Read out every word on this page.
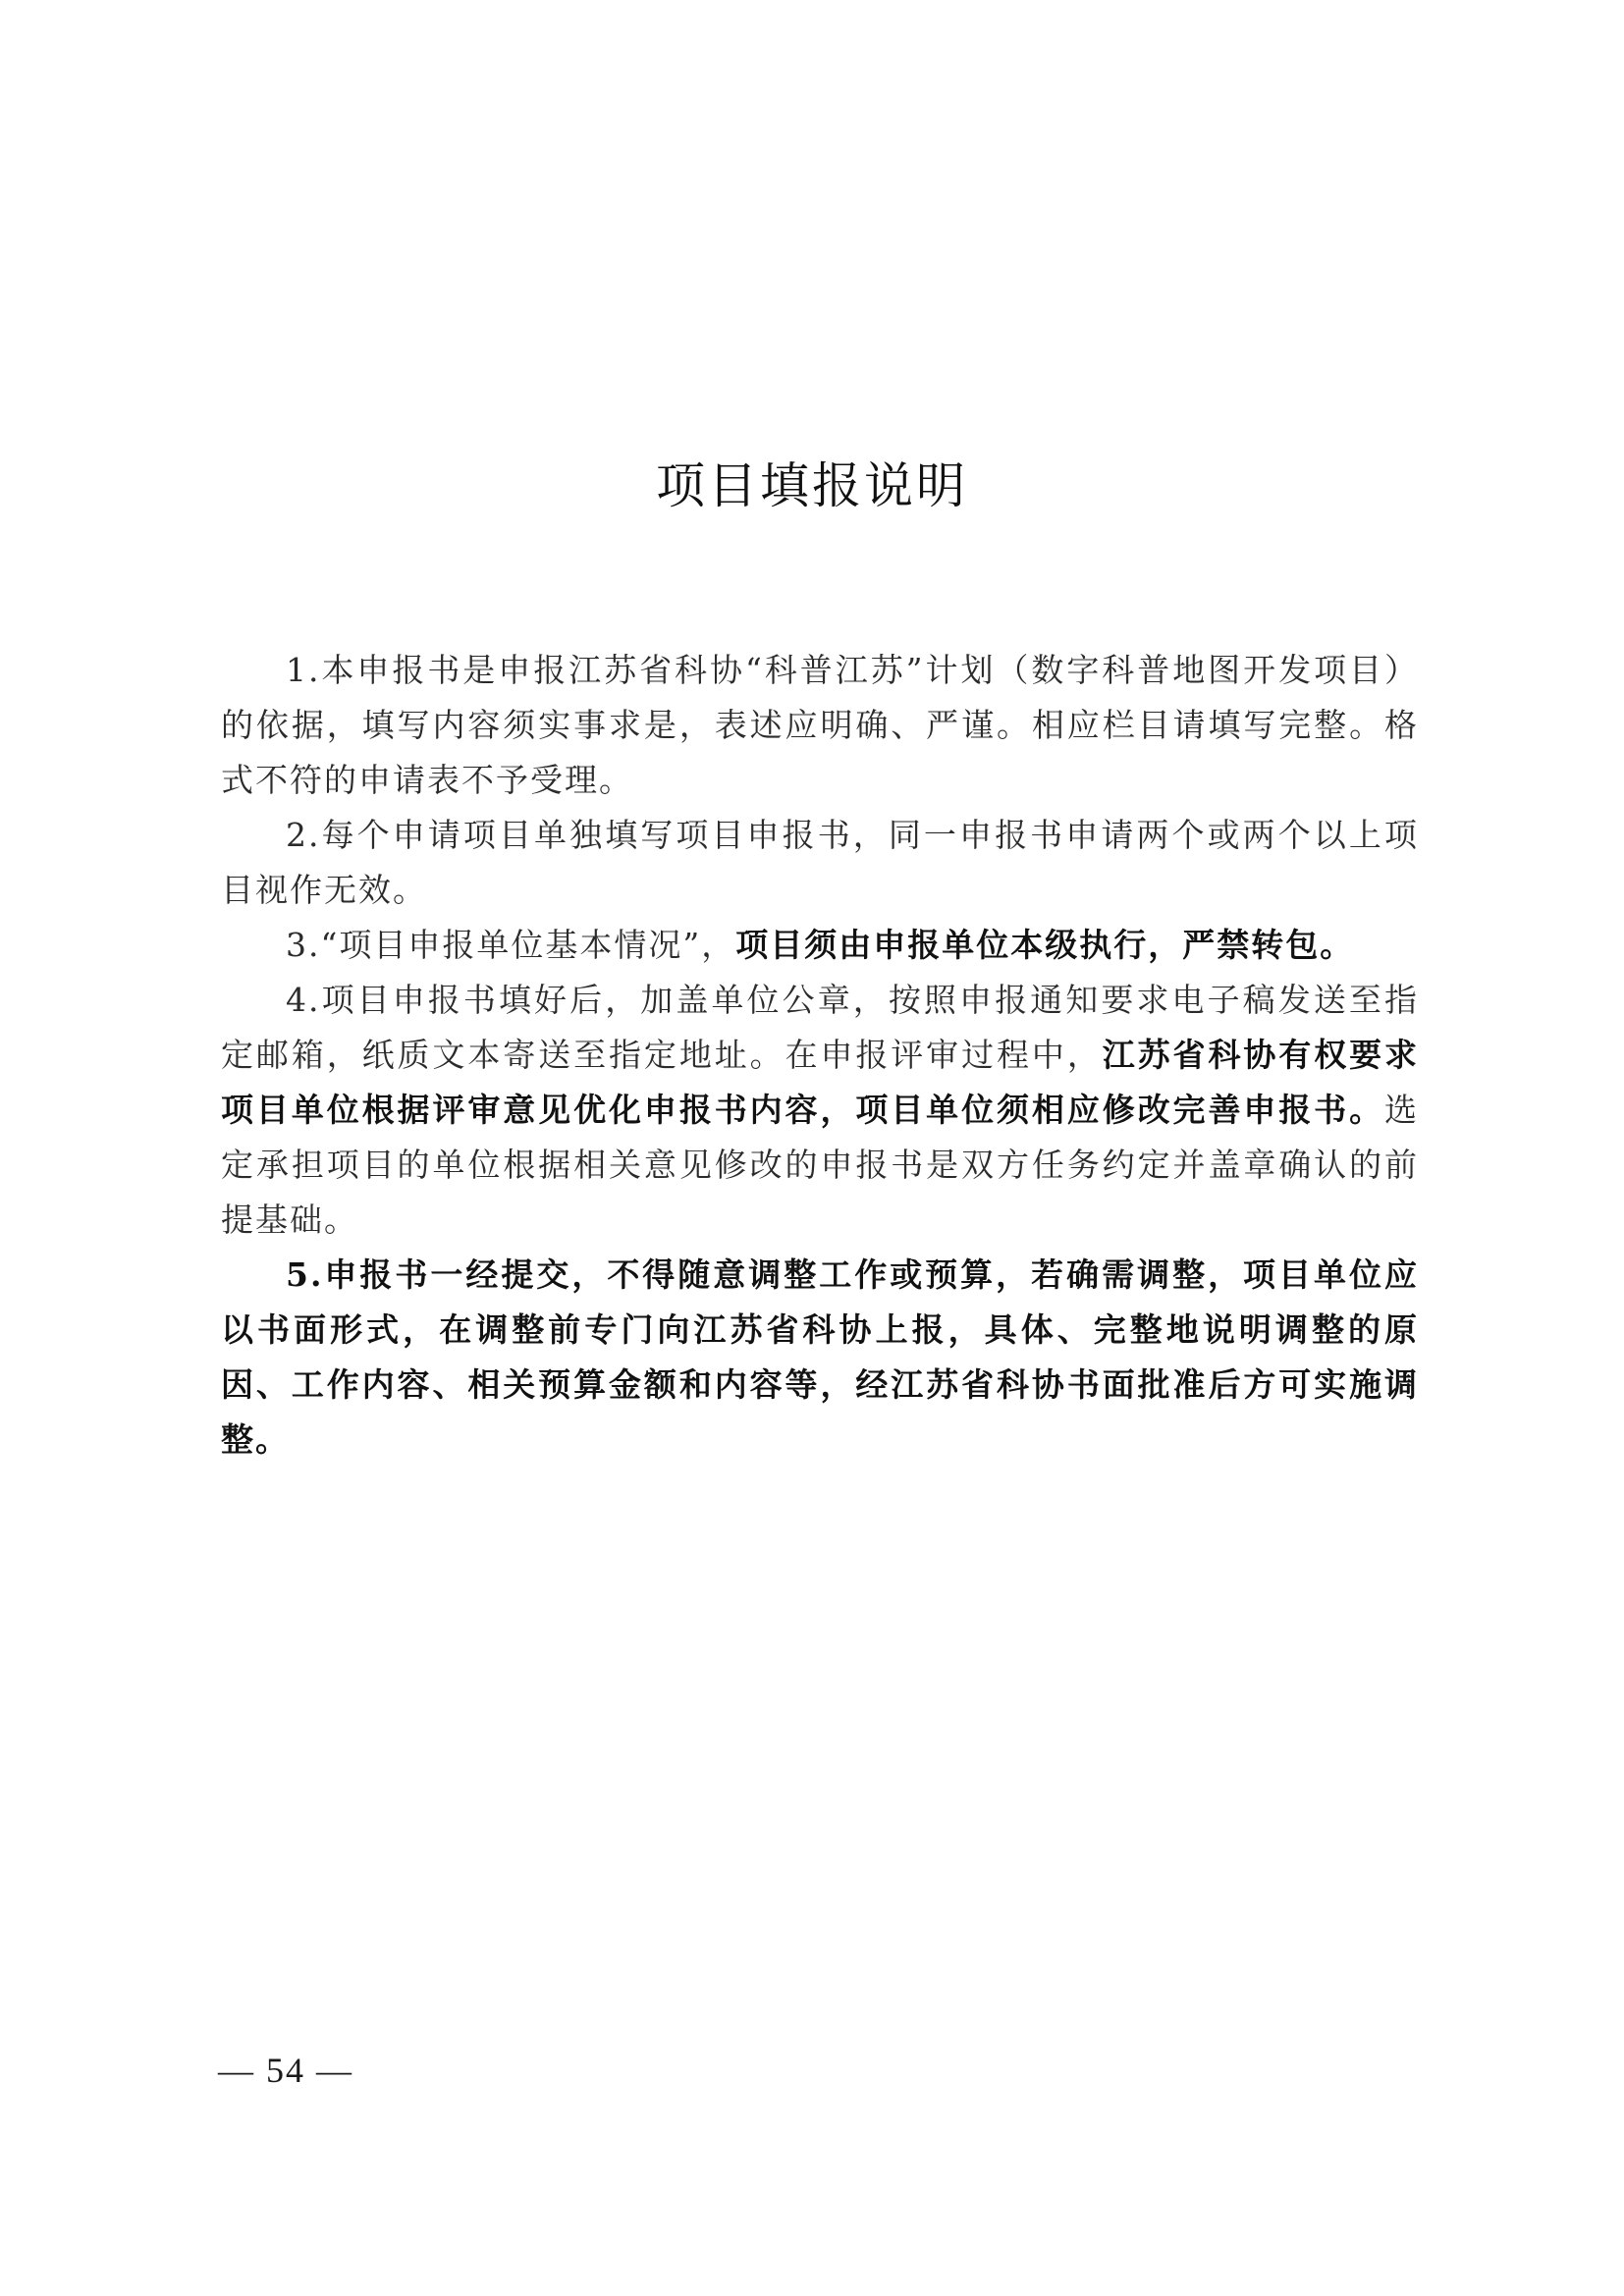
项目填报说明

1.本申报书是申报江苏省科协“科普江苏”计划（数字科普地图开发项目）的依据，填写内容须实事求是，表述应明确、严谨。相应栏目请填写完整。格式不符的申请表不予受理。

2.每个申请项目单独填写项目申报书，同一申报书申请两个或两个以上项目视作无效。

3.“项目申报单位基本情况”，项目须由申报单位本级执行，严禁转包。

4.项目申报书填好后，加盖单位公章，按照申报通知要求电子稿发送至指定邮箱，纸质文本寄送至指定地址。在申报评审过程中，江苏省科协有权要求项目单位根据评审意见优化申报书内容，项目单位须相应修改完善申报书。选定承担项目的单位根据相关意见修改的申报书是双方任务约定并盖章确认的前提基础。

5.申报书一经提交，不得随意调整工作或预算，若确需调整，项目单位应以书面形式，在调整前专门向江苏省科协上报，具体、完整地说明调整的原因、工作内容、相关预算金额和内容等，经江苏省科协书面批准后方可实施调整。

— 54 —
